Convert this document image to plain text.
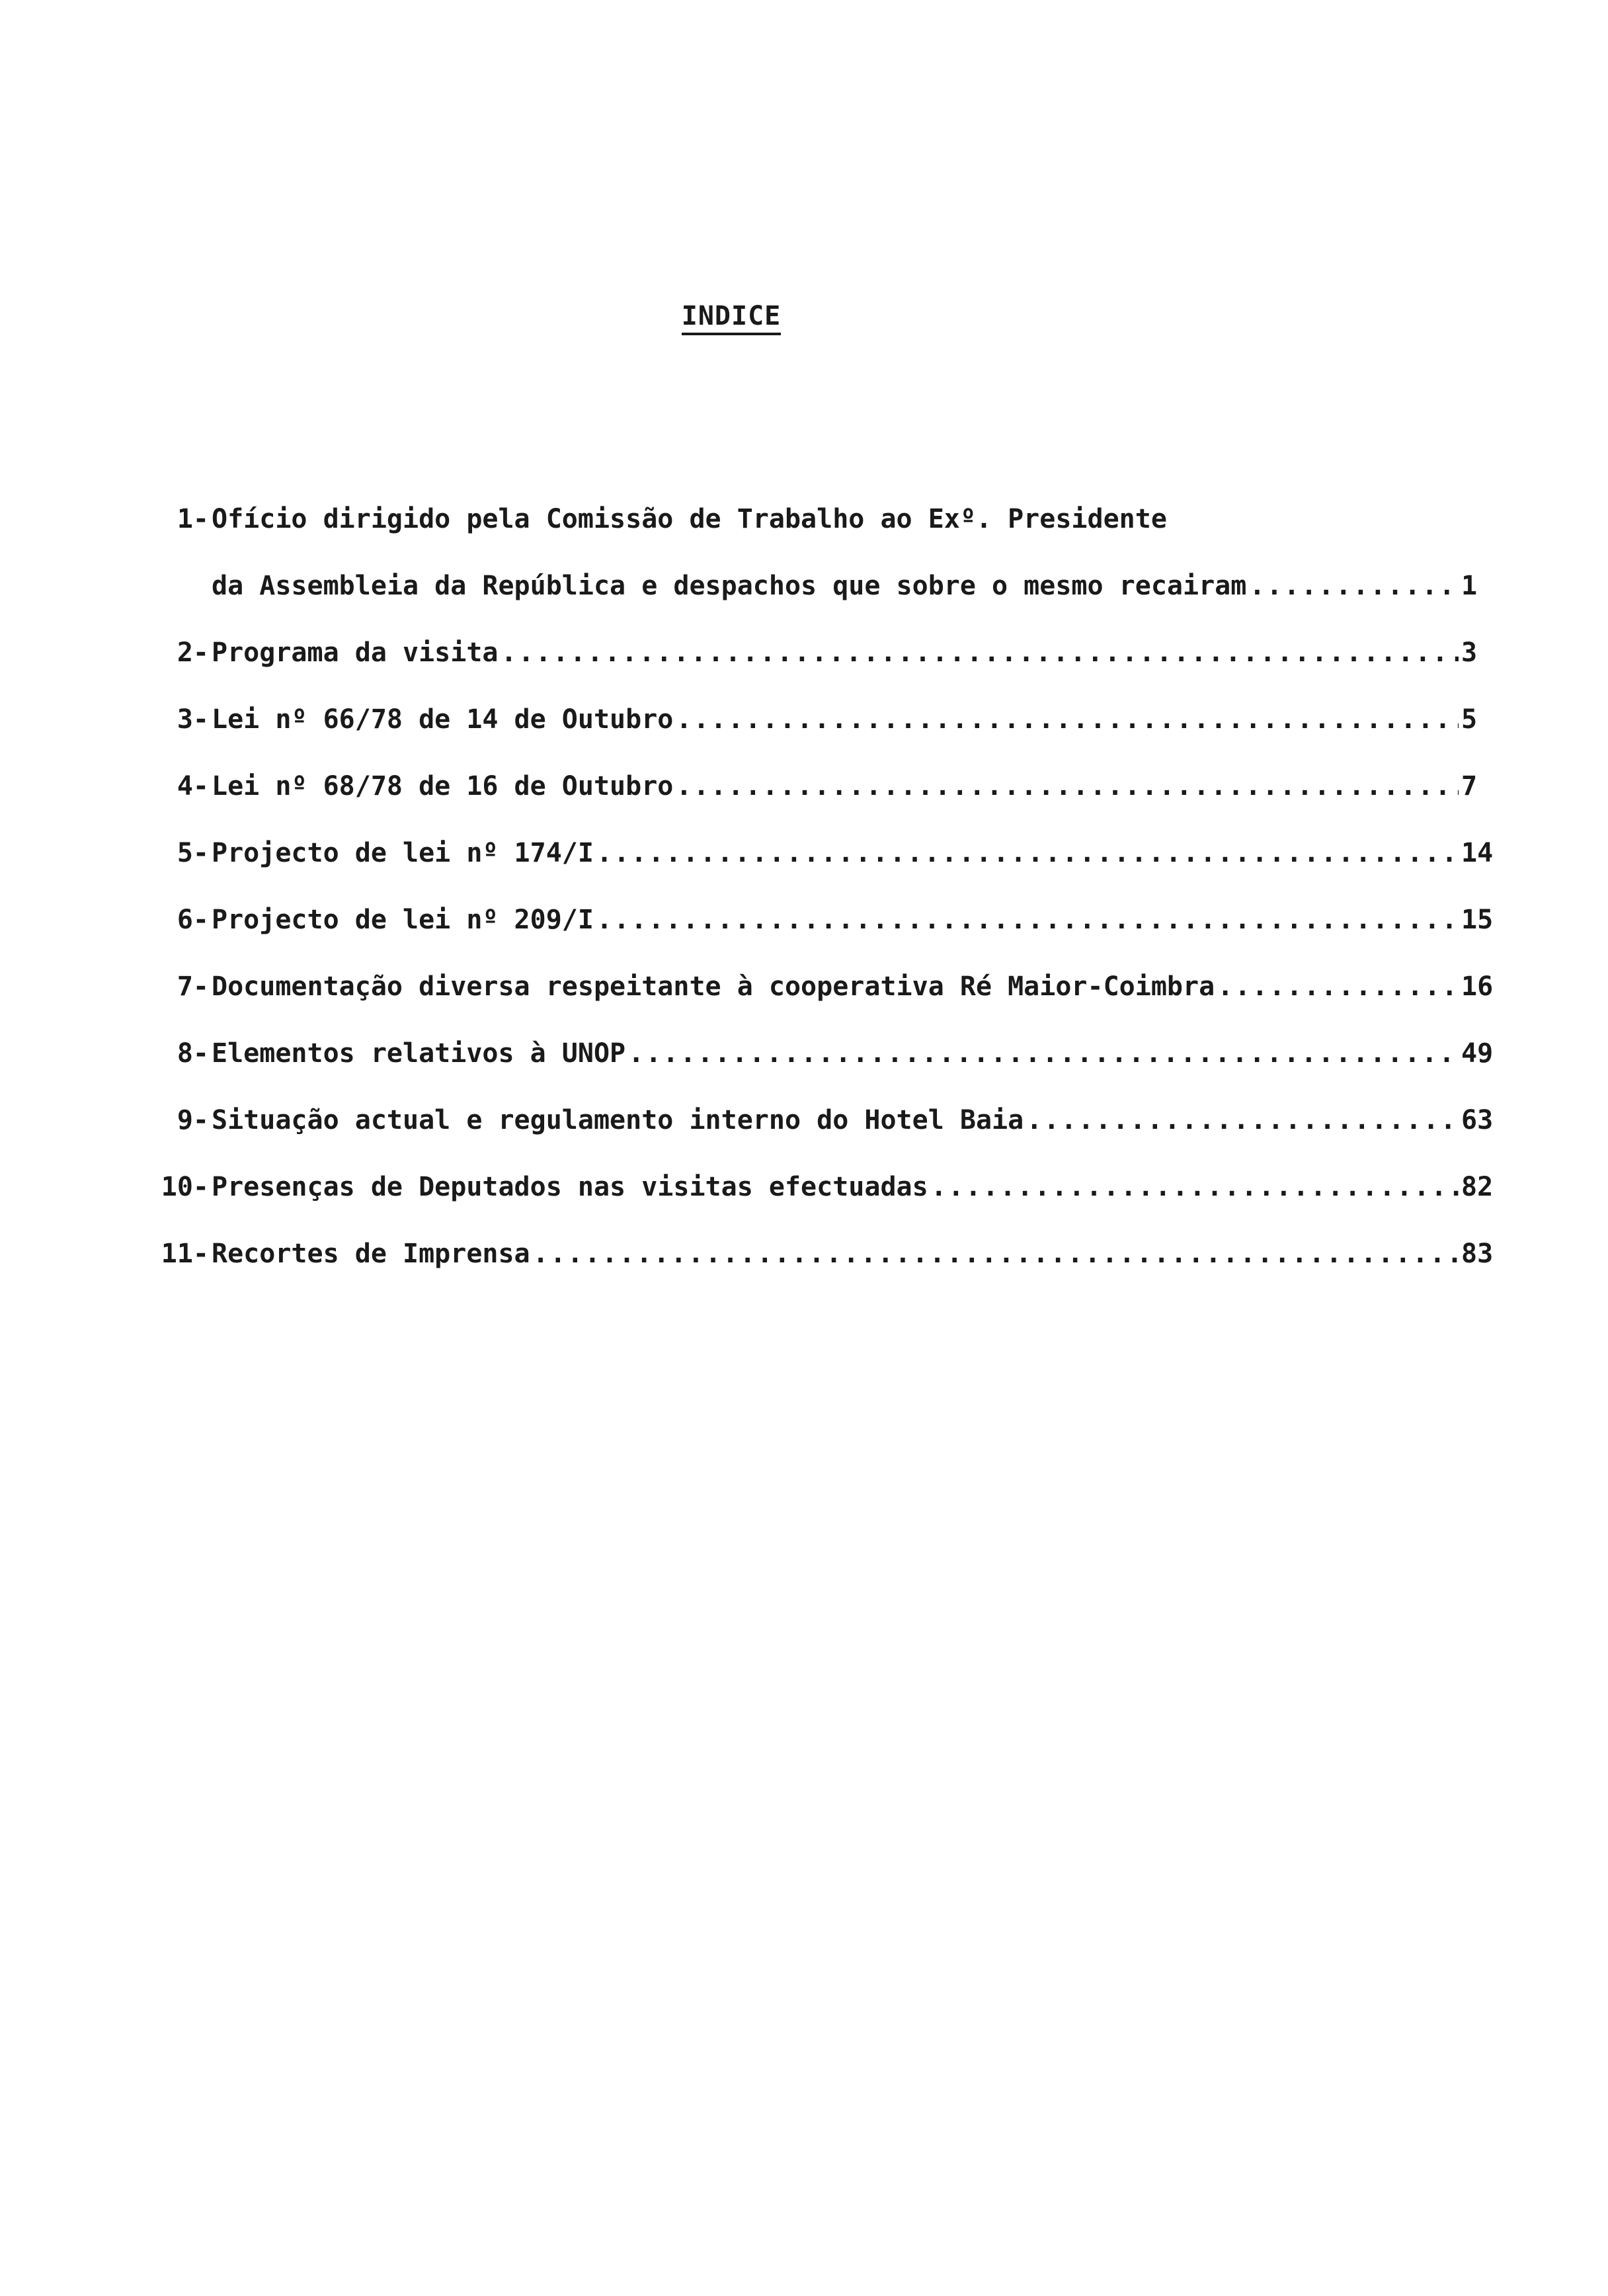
INDICE
1- Ofício dirigido pela Comissão de Trabalho ao Exº. Presidente
da Assembleia da República e despachos que sobre o mesmo recairam .....	1
2- Programa da visita .....	3
3- Lei nº 66/78 de 14 de Outubro .....	5
4- Lei nº 68/78 de 16 de Outubro .....	7
5- Projecto de lei nº 174/I .....	14
6- Projecto de lei nº 209/I .....	15
7- Documentação diversa respeitante à cooperativa Ré Maior-Coimbra .....	16
8- Elementos relativos à UNOP .....	49
9- Situação actual e regulamento interno do Hotel Baia .....	63
10- Presenças de Deputados nas visitas efectuadas .....	82
11- Recortes de Imprensa .....	83
